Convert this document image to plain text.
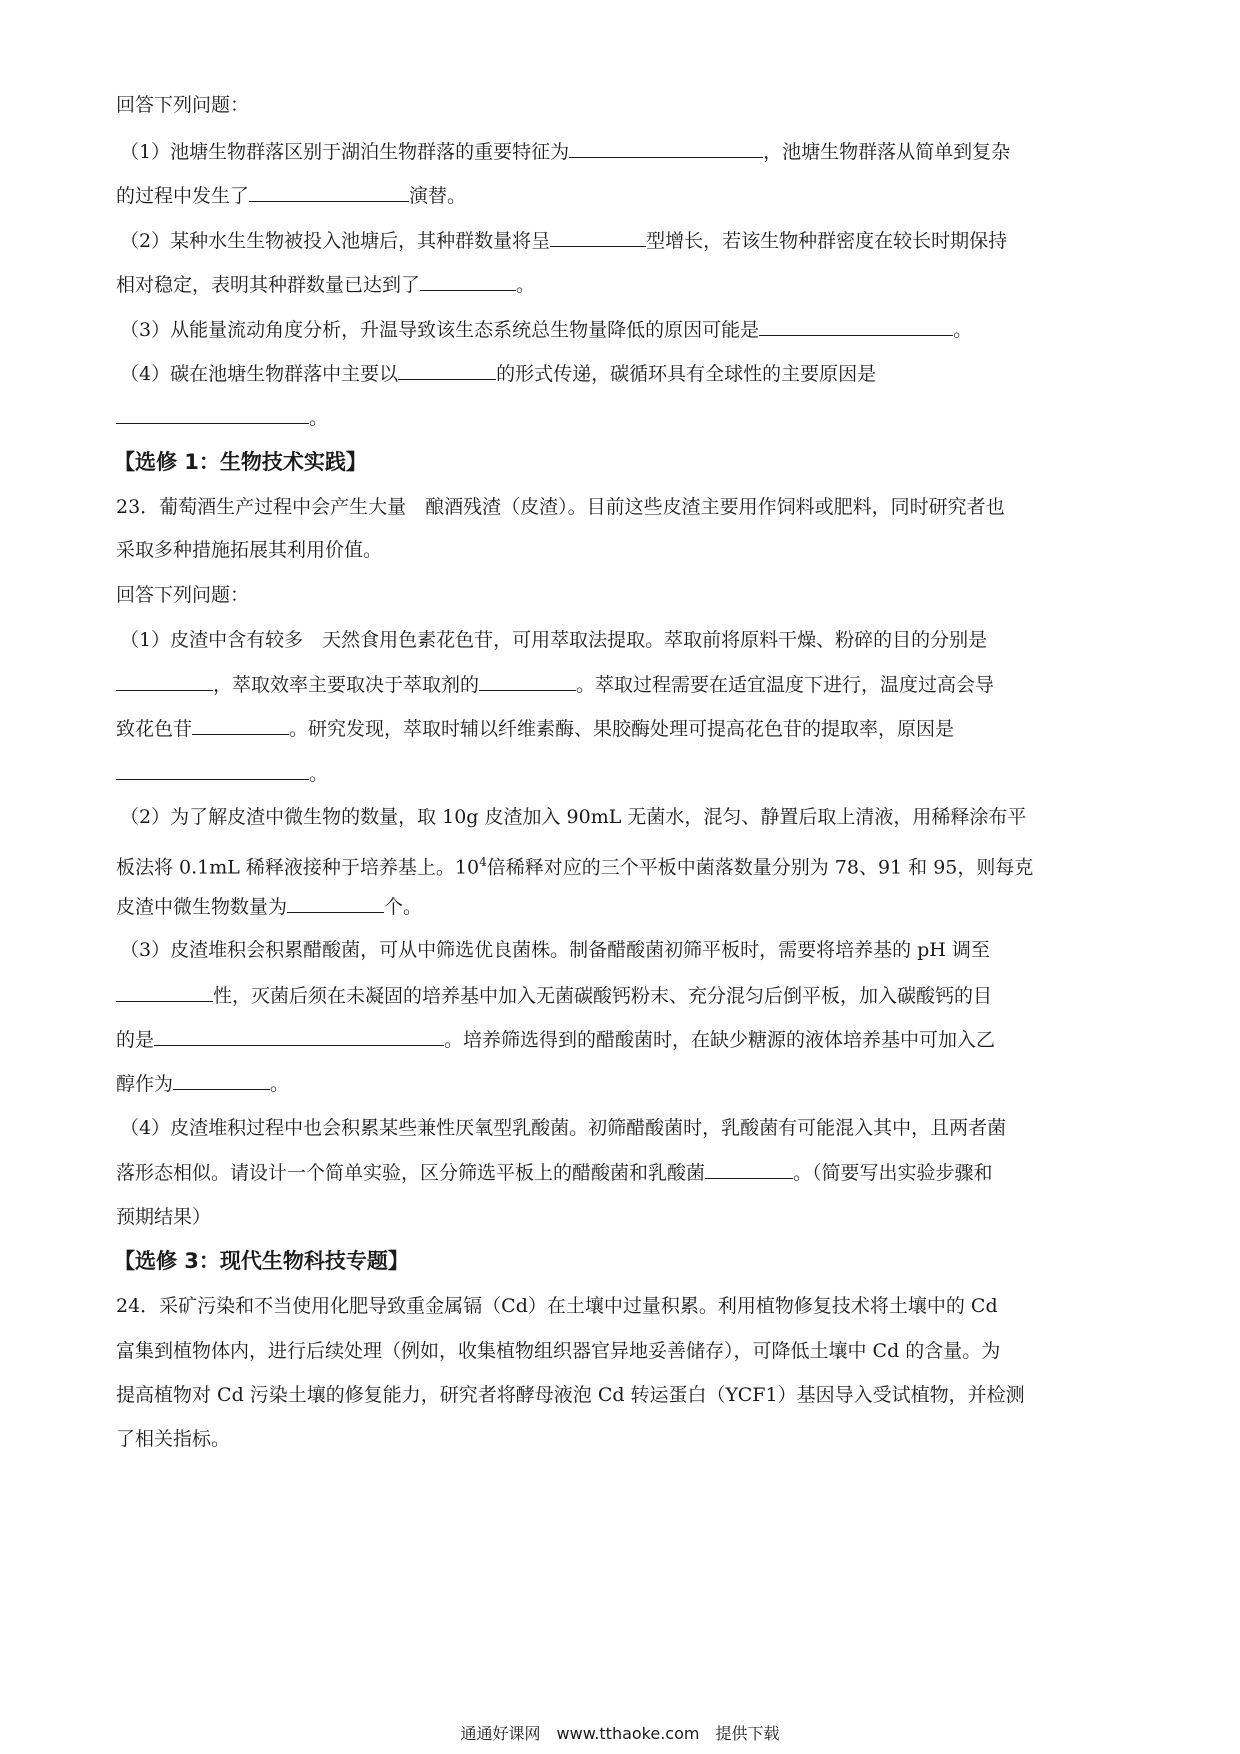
回答下列问题：
（1）池塘生物群落区别于湖泊生物群落的重要特征为	，池塘生物群落从简单到复杂
的过程中发生了	演替。
（2）某种水生生物被投入池塘后，其种群数量将呈	型增长，若该生物种群密度在较长时期保持
相对稳定，表明其种群数量已达到了	。
（3）从能量流动角度分析，升温导致该生态系统总生物量降低的原因可能是	。
（4）碳在池塘生物群落中主要以	的形式传递，碳循环具有全球性的主要原因是
。
【选修 1：生物技术实践】
23．葡萄酒生产过程中会产生大量　酿酒残渣（皮渣）。目前这些皮渣主要用作饲料或肥料，同时研究者也
采取多种措施拓展其利用价值。
回答下列问题：
（1）皮渣中含有较多　天然食用色素花色苷，可用萃取法提取。萃取前将原料干燥、粉碎的目的分别是
，萃取效率主要取决于萃取剂的	。萃取过程需要在适宜温度下进行，温度过高会导
致花色苷	。研究发现，萃取时辅以纤维素酶、果胶酶处理可提高花色苷的提取率，原因是
。
（2）为了解皮渣中微生物的数量，取 10g 皮渣加入 90mL 无菌水，混匀、静置后取上清液，用稀释涂布平
板法将 0.1mL 稀释液接种于培养基上。$10^4$倍稀释对应的三个平板中菌落数量分别为 78、91 和 95，则每克
皮渣中微生物数量为	个。
（3）皮渣堆积会积累醋酸菌，可从中筛选优良菌株。制备醋酸菌初筛平板时，需要将培养基的 pH 调至
性，灭菌后须在未凝固的培养基中加入无菌碳酸钙粉末、充分混匀后倒平板，加入碳酸钙的目
的是	。培养筛选得到的醋酸菌时，在缺少糖源的液体培养基中可加入乙
醇作为	。
（4）皮渣堆积过程中也会积累某些兼性厌氧型乳酸菌。初筛醋酸菌时，乳酸菌有可能混入其中，且两者菌
落形态相似。请设计一个简单实验，区分筛选平板上的醋酸菌和乳酸菌	。（简要写出实验步骤和
预期结果）
【选修 3：现代生物科技专题】
24．采矿污染和不当使用化肥导致重金属镉（Cd）在土壤中过量积累。利用植物修复技术将土壤中的 Cd
富集到植物体内，进行后续处理（例如，收集植物组织器官异地妥善储存），可降低土壤中 Cd 的含量。为
提高植物对 Cd 污染土壤的修复能力，研究者将酵母液泡 Cd 转运蛋白（YCF1）基因导入受试植物，并检测
了相关指标。
通通好课网　www.tthaoke.com　提供下载
